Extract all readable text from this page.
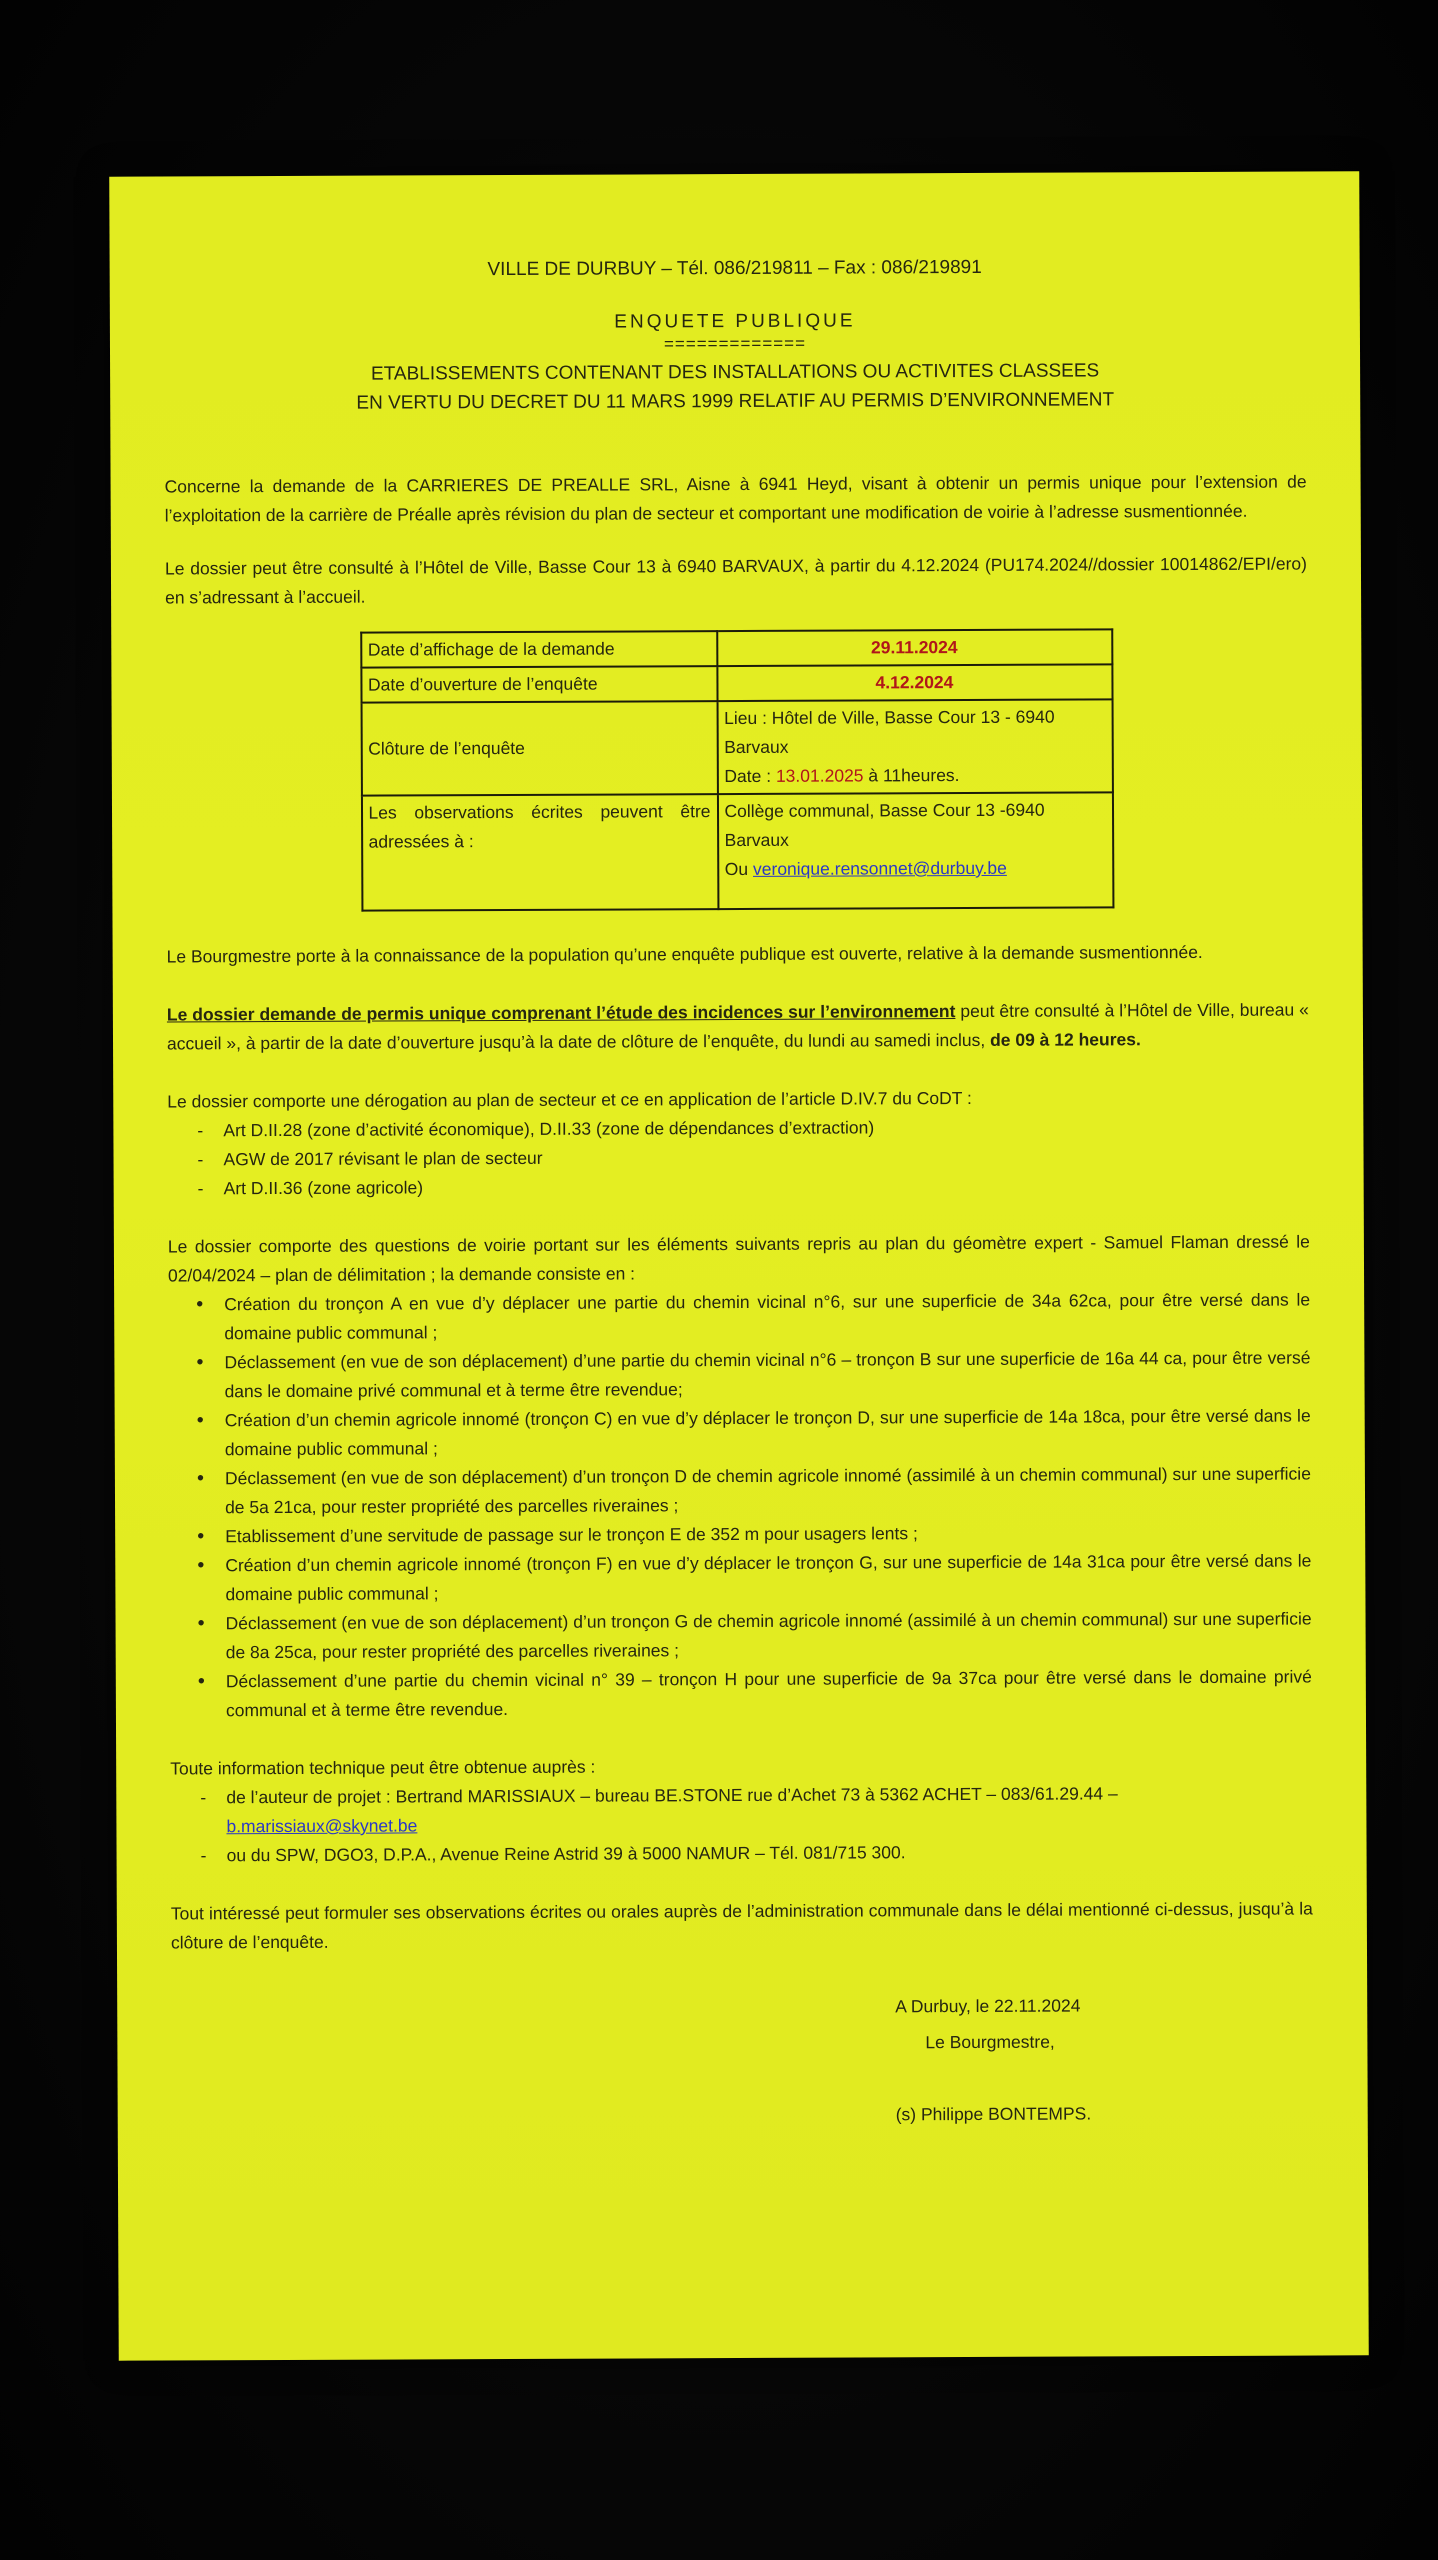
VILLE DE DURBUY – Tél. 086/219811 – Fax : 086/219891
ENQUETE PUBLIQUE
=============
ETABLISSEMENTS CONTENANT DES INSTALLATIONS OU ACTIVITES CLASSEES
EN VERTU DU DECRET DU 11 MARS 1999 RELATIF AU PERMIS D’ENVIRONNEMENT

Concerne la demande de la CARRIERES DE PREALLE SRL, Aisne à 6941 Heyd, visant à obtenir un permis unique pour l’extension de l’exploitation de la carrière de Préalle après révision du plan de secteur et comportant une modification de voirie à l’adresse susmentionnée.

Le dossier peut être consulté à l’Hôtel de Ville, Basse Cour 13 à 6940 BARVAUX, à partir du 4.12.2024 (PU174.2024//dossier 10014862/EPI/ero) en s’adressant à l’accueil.

Date d’affichage de la demande	29.11.2024
Date d’ouverture de l’enquête	4.12.2024
Clôture de l’enquête	Lieu : Hôtel de Ville, Basse Cour 13 - 6940 Barvaux
Date : 13.01.2025 à 11heures.

Les observations écrites peuvent être adressées à :	Collège communal, Basse Cour 13 -6940 Barvaux
Ou veronique.rensonnet@durbuy.be

Le Bourgmestre porte à la connaissance de la population qu’une enquête publique est ouverte, relative à la demande susmentionnée.

Le dossier demande de permis unique comprenant l’étude des incidences sur l’environnement peut être consulté à l’Hôtel de Ville, bureau « accueil », à partir de la date d’ouverture jusqu’à la date de clôture de l’enquête, du lundi au samedi inclus, de 09 à 12 heures.

Le dossier comporte une dérogation au plan de secteur et ce en application de l’article D.IV.7 du CoDT :

- Art D.II.28 (zone d’activité économique), D.II.33 (zone de dépendances d’extraction)
- AGW de 2017 révisant le plan de secteur
- Art D.II.36 (zone agricole)

Le dossier comporte des questions de voirie portant sur les éléments suivants repris au plan du géomètre expert - Samuel Flaman dressé le 02/04/2024 – plan de délimitation ; la demande consiste en :

• Création du tronçon A en vue d’y déplacer une partie du chemin vicinal n°6, sur une superficie de 34a 62ca, pour être versé dans le domaine public communal ;
• Déclassement (en vue de son déplacement) d’une partie du chemin vicinal n°6 – tronçon B sur une superficie de 16a 44 ca, pour être versé dans le domaine privé communal et à terme être revendue;
• Création d’un chemin agricole innomé (tronçon C) en vue d’y déplacer le tronçon D, sur une superficie de 14a 18ca, pour être versé dans le domaine public communal ;
• Déclassement (en vue de son déplacement) d’un tronçon D de chemin agricole innomé (assimilé à un chemin communal) sur une superficie de 5a 21ca, pour rester propriété des parcelles riveraines ;
• Etablissement d’une servitude de passage sur le tronçon E de 352 m pour usagers lents ;
• Création d’un chemin agricole innomé (tronçon F) en vue d’y déplacer le tronçon G, sur une superficie de 14a 31ca pour être versé dans le domaine public communal ;
• Déclassement (en vue de son déplacement) d’un tronçon G de chemin agricole innomé (assimilé à un chemin communal) sur une superficie de 8a 25ca, pour rester propriété des parcelles riveraines ;
• Déclassement d’une partie du chemin vicinal n° 39 – tronçon H pour une superficie de 9a 37ca pour être versé dans le domaine privé communal et à terme être revendue.

Toute information technique peut être obtenue auprès :

- de l’auteur de projet : Bertrand MARISSIAUX – bureau BE.STONE rue d’Achet 73 à 5362 ACHET – 083/61.29.44 – b.marissiaux@skynet.be
- ou du SPW, DGO3, D.P.A., Avenue Reine Astrid 39 à 5000 NAMUR – Tél. 081/715 300.

Tout intéressé peut formuler ses observations écrites ou orales auprès de l’administration communale dans le délai mentionné ci-dessus, jusqu’à la clôture de l’enquête.

A Durbuy, le 22.11.2024
Le Bourgmestre,
(s) Philippe BONTEMPS.
